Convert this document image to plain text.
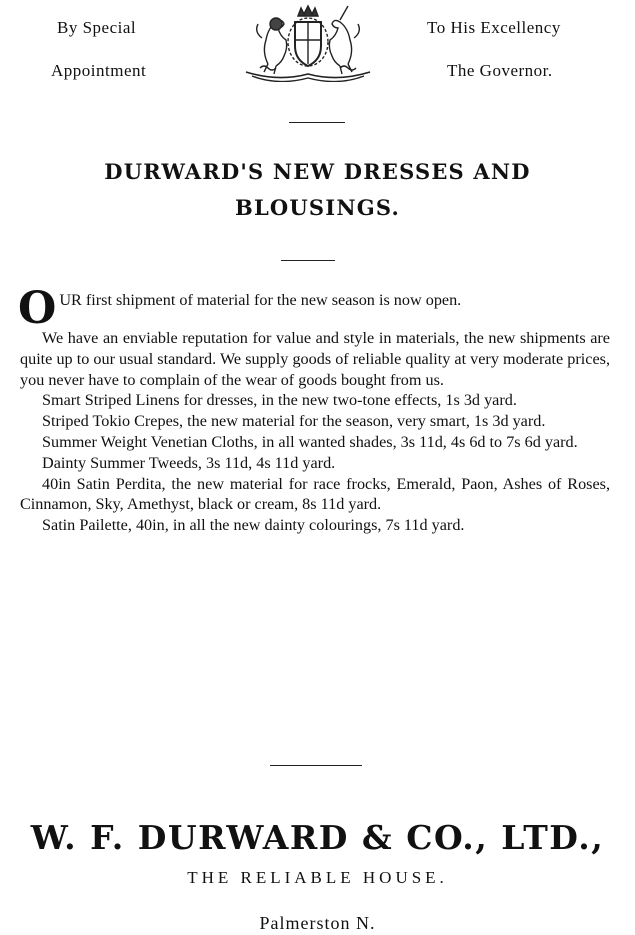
By Special
Appointment
To His Excellency
The Governor.
DURWARD'S NEW DRESSES AND
BLOUSINGS.

OUR first shipment of material for the new season is now open.

We have an enviable reputation for value and style in materials, the new shipments are quite up to our usual standard. We supply goods of reliable quality at very moderate prices, you never have to complain of the wear of goods bought from us.

Smart Striped Linens for dresses, in the new two-tone effects, 1s 3d yard.

Striped Tokio Crepes, the new material for the season, very smart, 1s 3d yard.

Summer Weight Venetian Cloths, in all wanted shades, 3s 11d, 4s 6d to 7s 6d yard.

Dainty Summer Tweeds, 3s 11d, 4s 11d yard.

40in Satin Perdita, the new material for race frocks, Emerald, Paon, Ashes of Roses, Cinnamon, Sky, Amethyst, black or cream, 8s 11d yard.

Satin Pailette, 40in, in all the new dainty colourings, 7s 11d yard.

W. F. DURWARD & CO., LTD.,
THE RELIABLE HOUSE.
Palmerston N.
